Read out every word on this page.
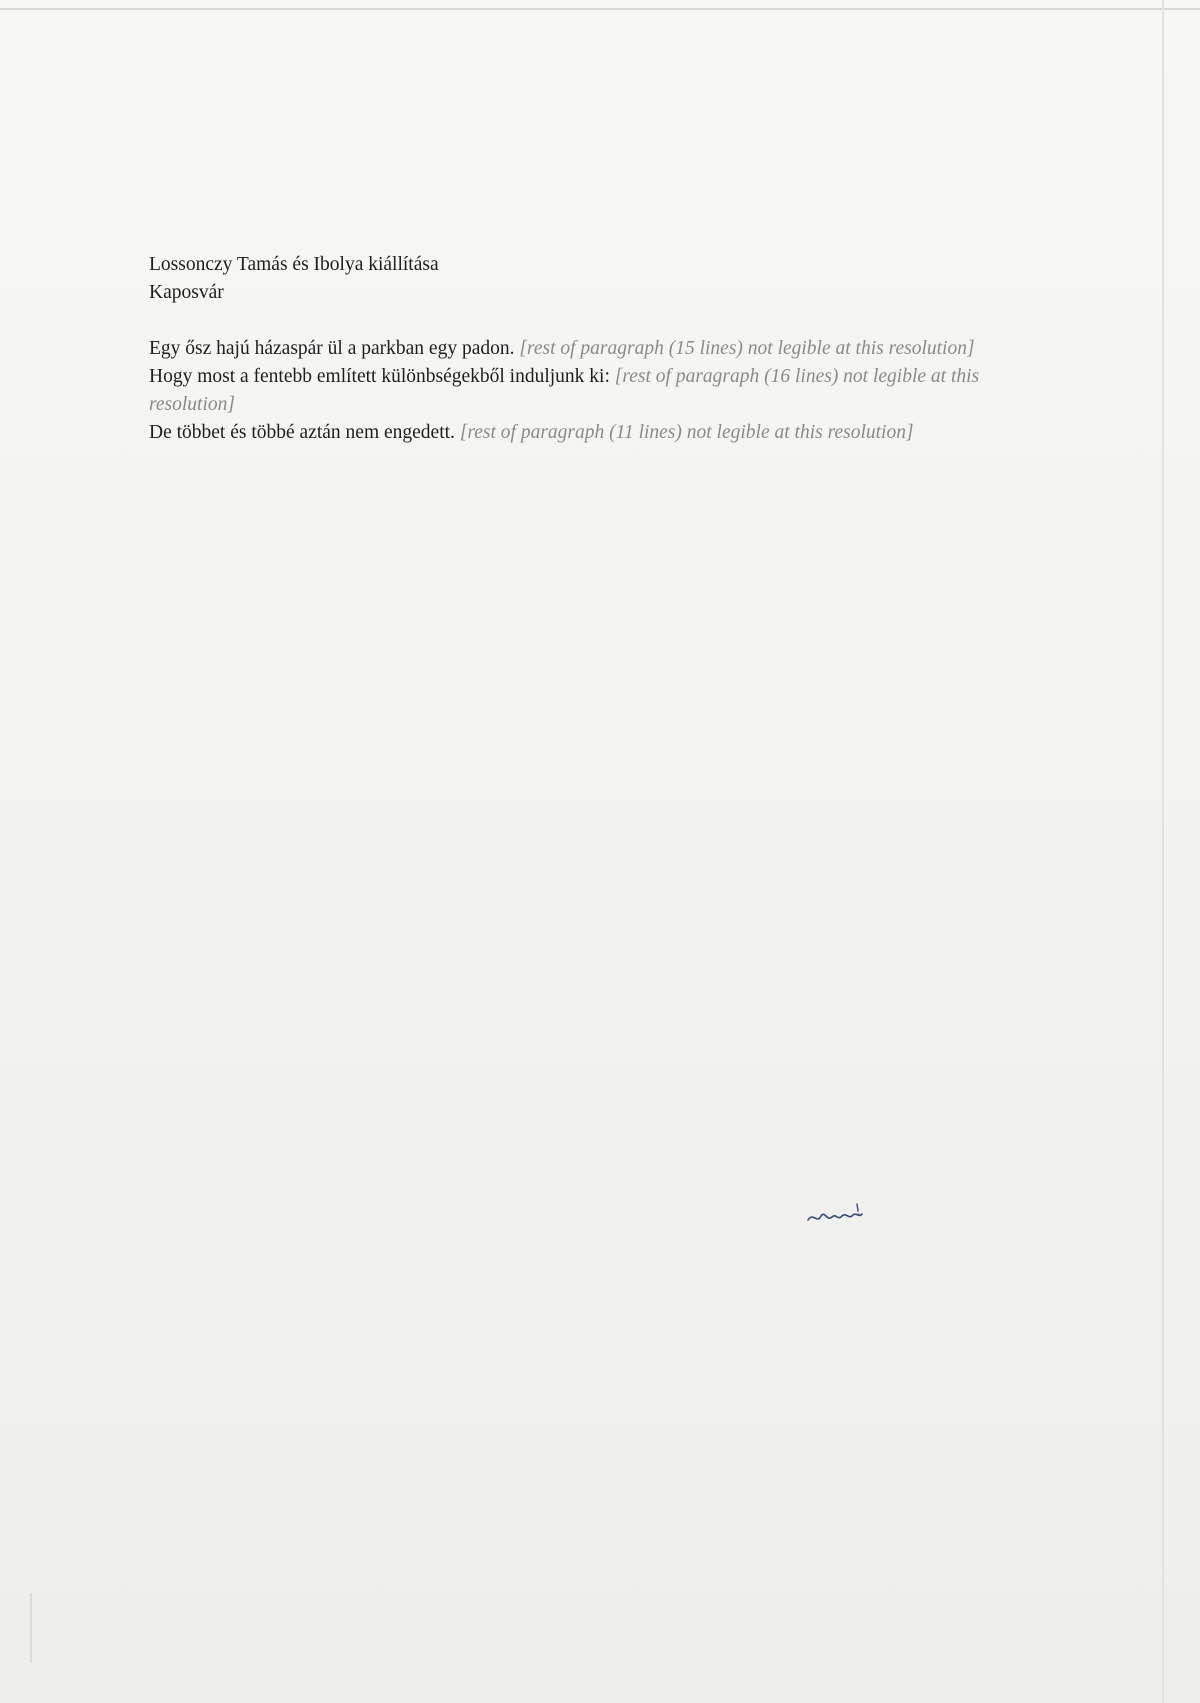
Lossonczy Tamás és Ibolya kiállítása

Kaposvár

Egy ősz hajú házaspár ül a parkban egy padon. [rest of paragraph (15 lines) not legible at this resolution]

Hogy most a fentebb említett különbségekből induljunk ki: [rest of paragraph (16 lines) not legible at this resolution]

De többet és többé aztán nem engedett. [rest of paragraph (11 lines) not legible at this resolution]

[handwritten correction not legible]
